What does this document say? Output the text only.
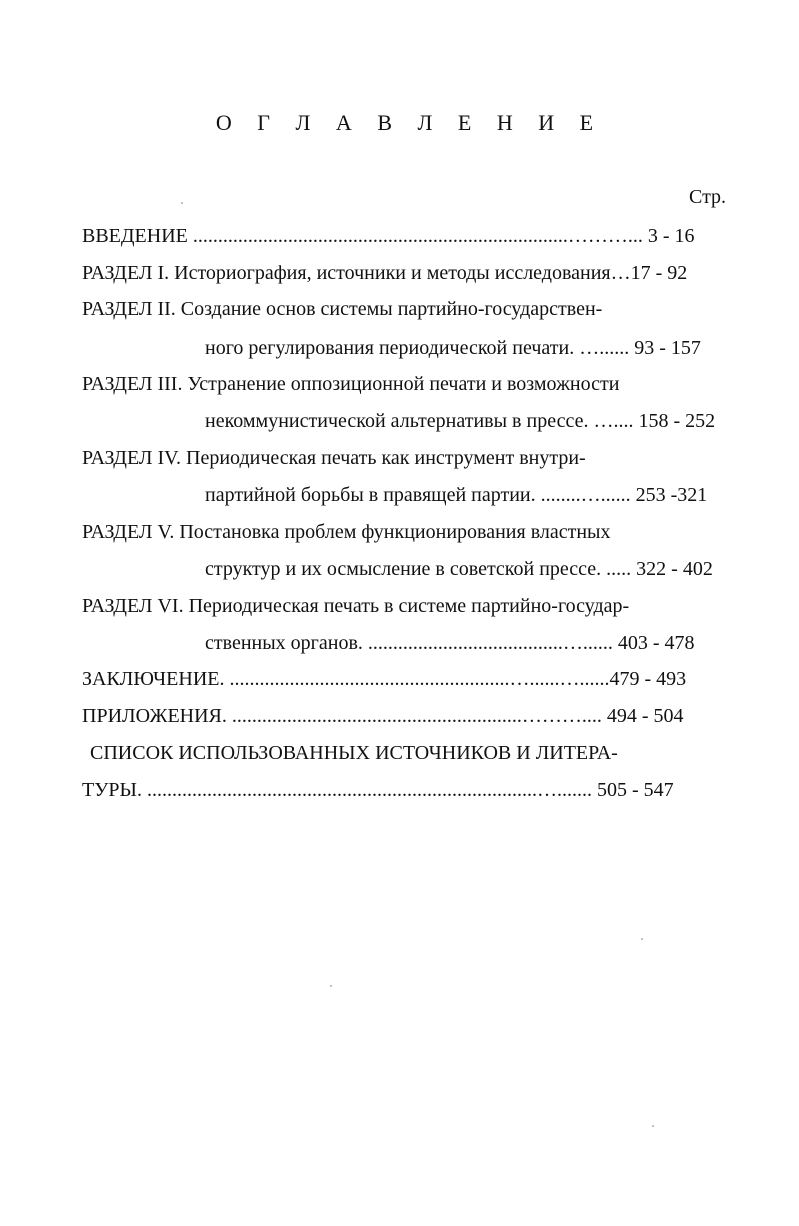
О Г Л А В Л Е Н И Е
Стр.
ВВЕДЕНИЕ ...........................................................................………... 3 - 16
РАЗДЕЛ I. Историография, источники и методы исследования…17 - 92
РАЗДЕЛ II. Создание основ системы партийно-государствен-
ного регулирования периодической печати. …...... 93 - 157
РАЗДЕЛ III. Устранение оппозиционной печати и возможности
некоммунистической альтернативы в прессе. ….... 158 - 252
РАЗДЕЛ IV. Периодическая печать как инструмент внутри-
партийной борьбы в правящей партии. ........…...... 253 -321
РАЗДЕЛ V. Постановка проблем функционирования властных
структур и их осмысление в советской прессе. ..... 322 - 402
РАЗДЕЛ VI. Периодическая печать в системе партийно-государ-
ственных органов. .......................................…...... 403 - 478
ЗАКЛЮЧЕНИЕ. ........................................................…......…......479 - 493
ПРИЛОЖЕНИЯ. ..........................................................……….... 494 - 504
СПИСОК ИСПОЛЬЗОВАННЫХ ИСТОЧНИКОВ И ЛИТЕРА-
ТУРЫ. ..............................................................................…....... 505 - 547
